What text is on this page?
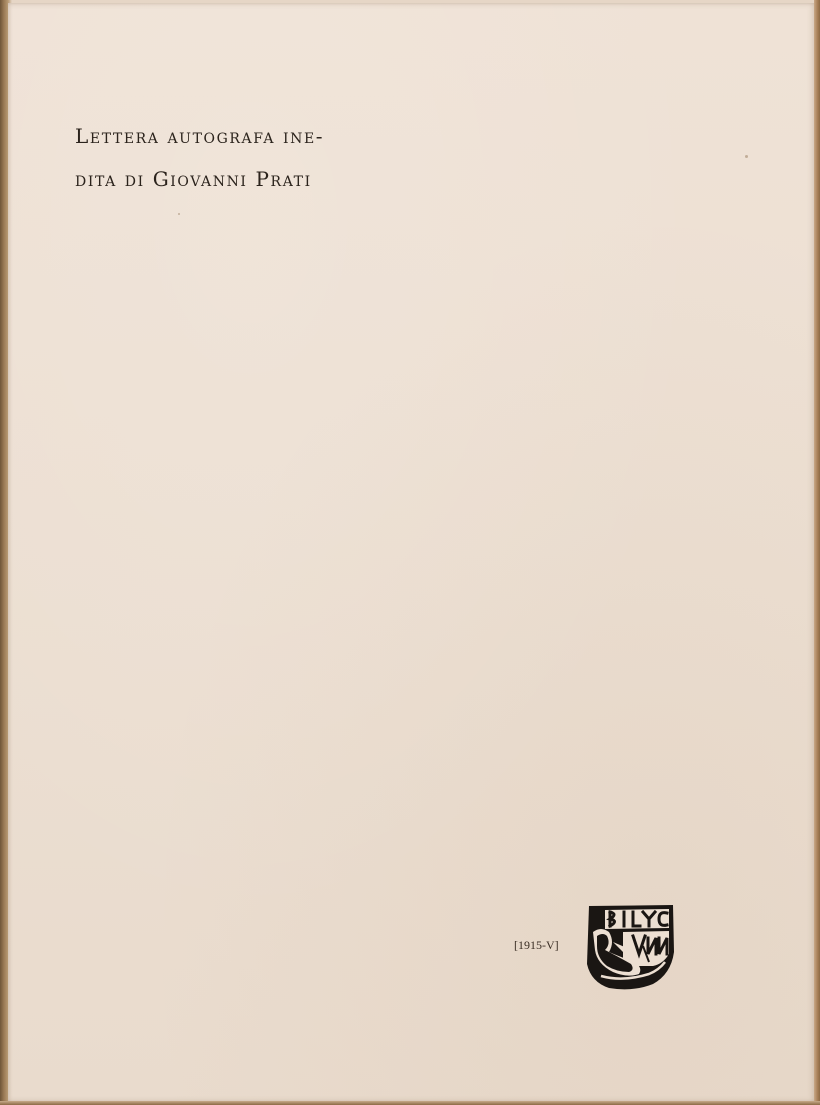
Lettera autografa ine-
dita di Giovanni Prati
[1915-V]
